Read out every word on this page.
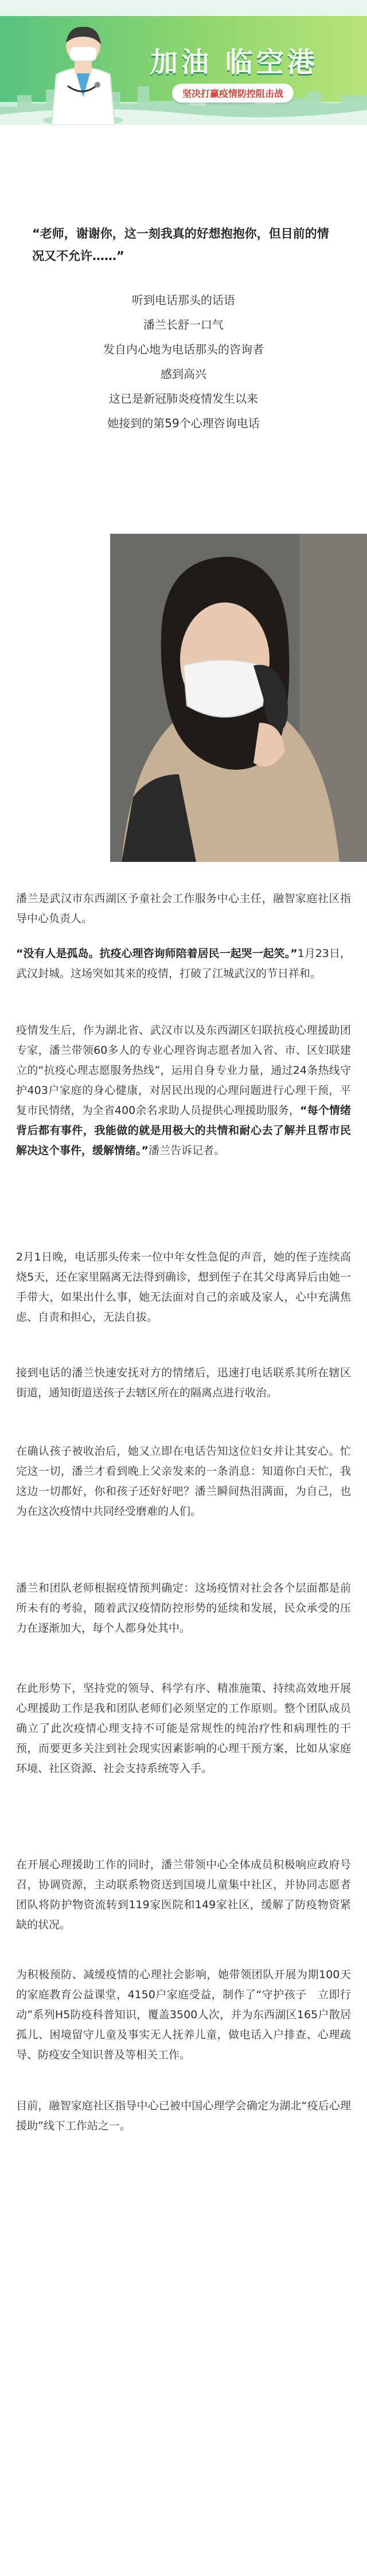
加油 临空港
坚决打赢疫情防控阻击战

“老师，谢谢你，这一刻我真的好想抱抱你，但目前的情况又不允许……”

听到电话那头的话语
潘兰长舒一口气
发自内心地为电话那头的咨询者
感到高兴
这已是新冠肺炎疫情发生以来
她接到的第59个心理咨询电话

潘兰是武汉市东西湖区予童社会工作服务中心主任，融智家庭社区指导中心负责人。

“没有人是孤岛。抗疫心理咨询师陪着居民一起哭一起笑。”1月23日，武汉封城。这场突如其来的疫情，打破了江城武汉的节日祥和。

疫情发生后，作为湖北省、武汉市以及东西湖区妇联抗疫心理援助团专家，潘兰带领60多人的专业心理咨询志愿者加入省、市、区妇联建立的“抗疫心理志愿服务热线”，运用自身专业力量，通过24条热线守护403户家庭的身心健康，对居民出现的心理问题进行心理干预，平复市民情绪，为全省400余名求助人员提供心理援助服务，“每个情绪背后都有事件，我能做的就是用极大的共情和耐心去了解并且帮市民解决这个事件，缓解情绪。”潘兰告诉记者。

2月1日晚，电话那头传来一位中年女性急促的声音，她的侄子连续高烧5天，还在家里隔离无法得到确诊，想到侄子在其父母离异后由她一手带大，如果出什么事，她无法面对自己的亲戚及家人，心中充满焦虑、自责和担心，无法自拔。

接到电话的潘兰快速安抚对方的情绪后，迅速打电话联系其所在辖区街道，通知街道送孩子去辖区所在的隔离点进行收治。

在确认孩子被收治后，她又立即在电话告知这位妇女并让其安心。忙完这一切，潘兰才看到晚上父亲发来的一条消息：知道你白天忙，我这边一切都好，你和孩子还好好吧？潘兰瞬间热泪满面，为自己，也为在这次疫情中共同经受磨难的人们。

潘兰和团队老师根据疫情预判确定：这场疫情对社会各个层面都是前所未有的考验，随着武汉疫情防控形势的延续和发展，民众承受的压力在逐渐加大，每个人都身处其中。

在此形势下，坚持党的领导、科学有序、精准施策、持续高效地开展心理援助工作是我和团队老师们必须坚定的工作原则。整个团队成员确立了此次疫情心理支持不可能是常规性的纯治疗性和病理性的干预，而要更多关注到社会现实因素影响的心理干预方案，比如从家庭环境、社区资源、社会支持系统等入手。

在开展心理援助工作的同时，潘兰带领中心全体成员积极响应政府号召，协调资源，主动联系物资送到国境儿童集中社区，并协同志愿者团队将防护物资流转到119家医院和149家社区，缓解了防疫物资紧缺的状况。

为积极预防、减缓疫情的心理社会影响，她带领团队开展为期100天的家庭教育公益课堂，4150户家庭受益，制作了“守护孩子　立即行动”系列H5防疫科普知识，覆盖3500人次，并为东西湖区165户散居孤儿、困境留守儿童及事实无人抚养儿童，做电话入户排查、心理疏导、防疫安全知识普及等相关工作。

目前，融智家庭社区指导中心已被中国心理学会确定为湖北“疫后心理援助”线下工作站之一。
